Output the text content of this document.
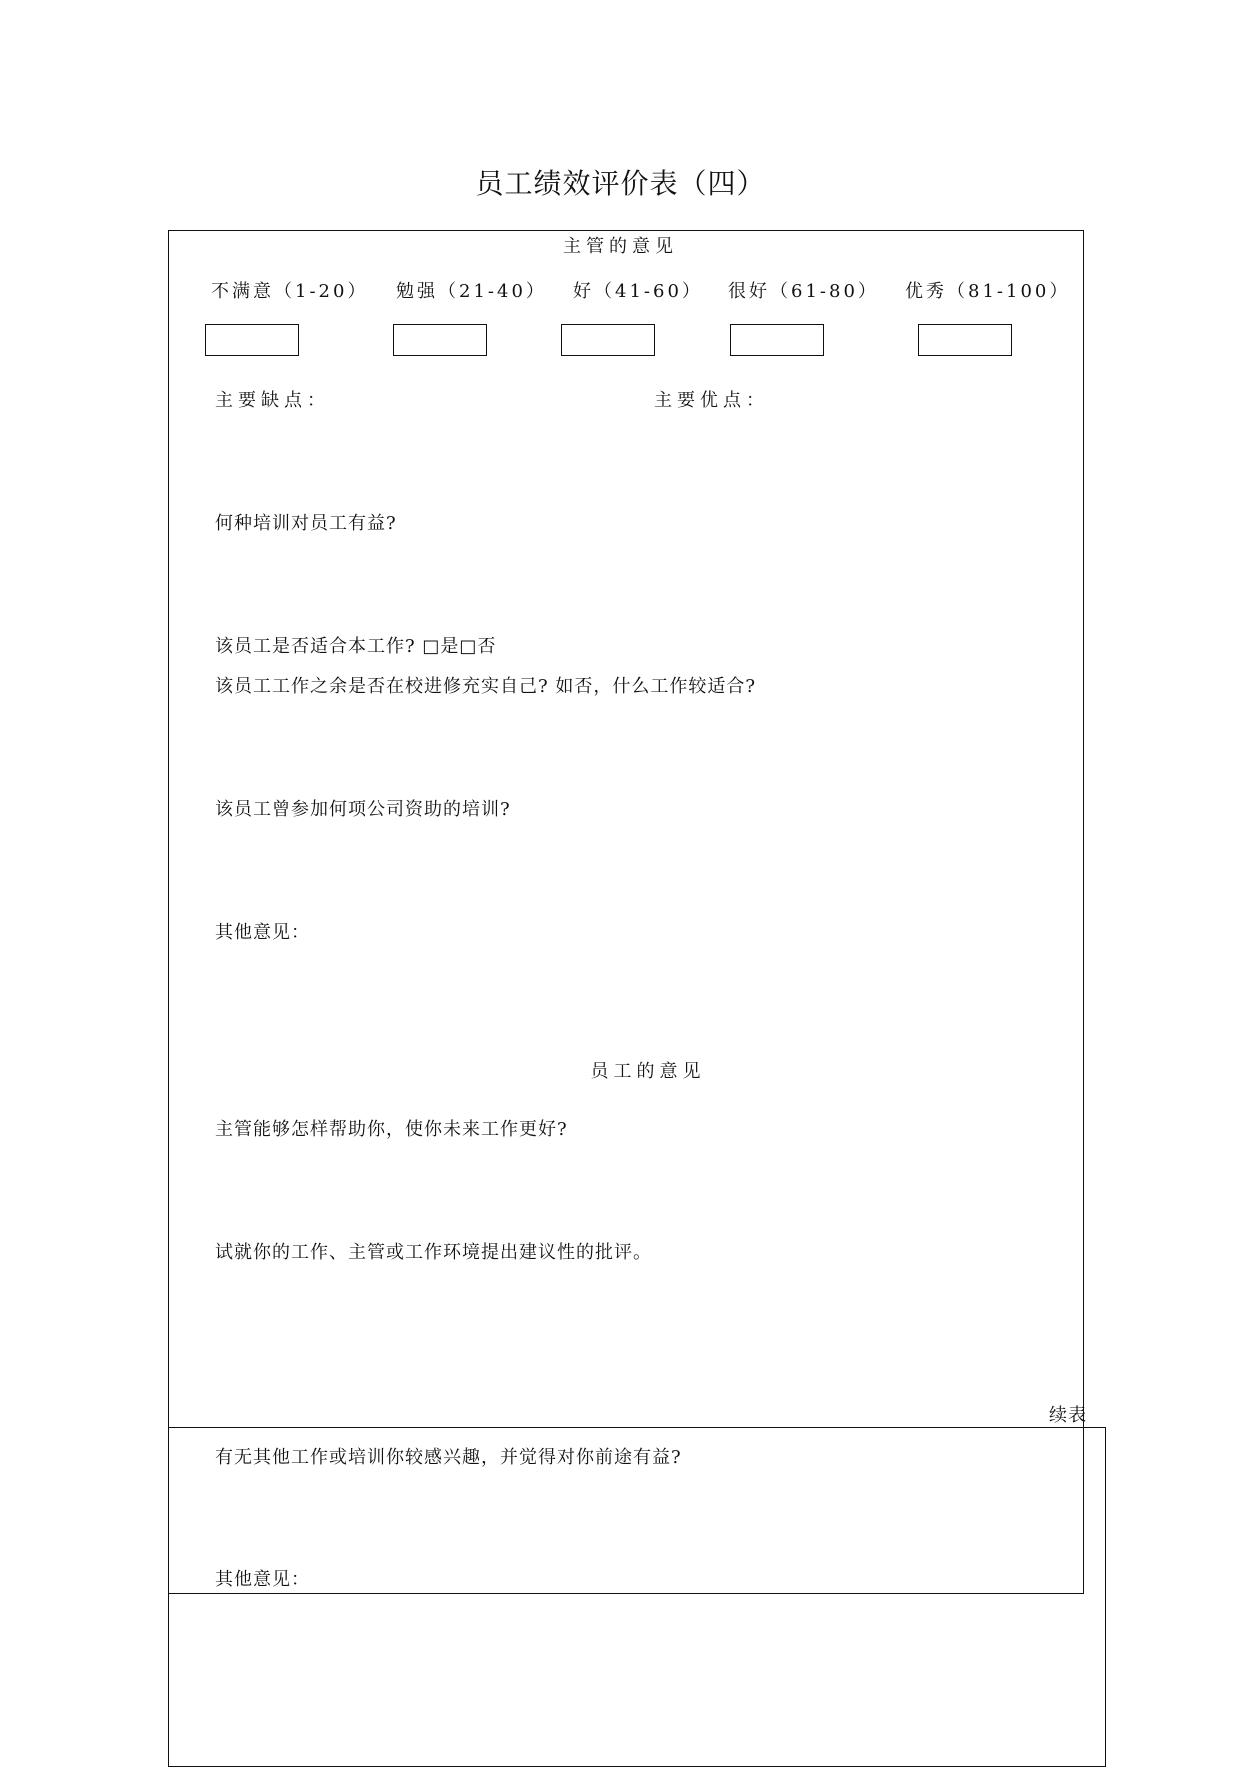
员工绩效评价表（四）
主管的意见
不满意（1-20） 勉强（21-40） 好（41-60） 很好（61-80） 优秀（81-100）
主要缺点：	主要优点：
何种培训对员工有益?
该员工是否适合本工作? □是□否
该员工工作之余是否在校进修充实自己? 如否，什么工作较适合?
该员工曾参加何项公司资助的培训?
其他意见：
员工的意见
主管能够怎样帮助你，使你未来工作更好?
试就你的工作、主管或工作环境提出建议性的批评。
续表
有无其他工作或培训你较感兴趣，并觉得对你前途有益?
其他意见：
